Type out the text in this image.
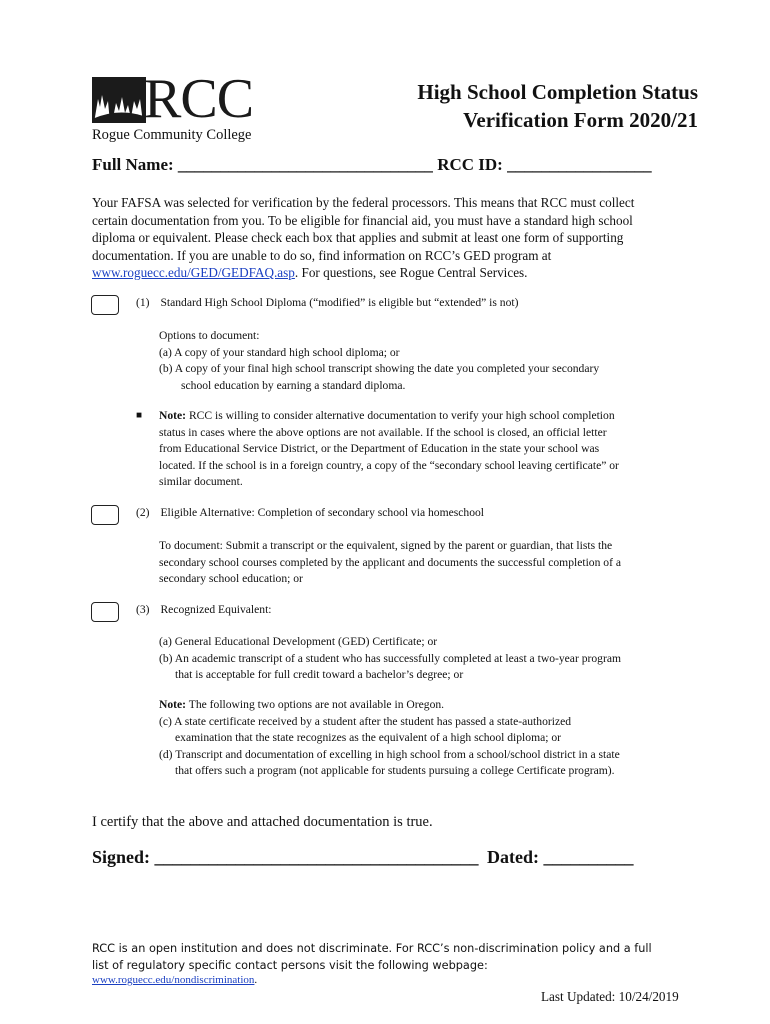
RCC
Rogue Community College
High School Completion Status
Verification Form 2020/21
Full Name: ______________________________ RCC ID: _________________
Your FAFSA was selected for verification by the federal processors. This means that RCC must collect
certain documentation from you. To be eligible for financial aid, you must have a standard high school
diploma or equivalent. Please check each box that applies and submit at least one form of supporting
documentation. If you are unable to do so, find information on RCC’s GED program at
www.roguecc.edu/GED/GEDFAQ.asp. For questions, see Rogue Central Services.
(1) Standard High School Diploma (“modified” is eligible but “extended” is not)
Options to document:
(a) A copy of your standard high school diploma; or
(b) A copy of your final high school transcript showing the date you completed your secondary
school education by earning a standard diploma.
■ Note: RCC is willing to consider alternative documentation to verify your high school completion
status in cases where the above options are not available. If the school is closed, an official letter
from Educational Service District, or the Department of Education in the state your school was
located. If the school is in a foreign country, a copy of the “secondary school leaving certificate” or
similar document.
(2) Eligible Alternative: Completion of secondary school via homeschool
To document: Submit a transcript or the equivalent, signed by the parent or guardian, that lists the
secondary school courses completed by the applicant and documents the successful completion of a
secondary school education; or
(3) Recognized Equivalent:
(a) General Educational Development (GED) Certificate; or
(b) An academic transcript of a student who has successfully completed at least a two-year program
that is acceptable for full credit toward a bachelor’s degree; or
Note: The following two options are not available in Oregon.
(c) A state certificate received by a student after the student has passed a state-authorized
examination that the state recognizes as the equivalent of a high school diploma; or
(d) Transcript and documentation of excelling in high school from a school/school district in a state
that offers such a program (not applicable for students pursuing a college Certificate program).
I certify that the above and attached documentation is true.
Signed: ____________________________________ Dated: __________
RCC is an open institution and does not discriminate. For RCC’s non-discrimination policy and a full
list of regulatory specific contact persons visit the following webpage:
www.roguecc.edu/nondiscrimination.
Last Updated: 10/24/2019
